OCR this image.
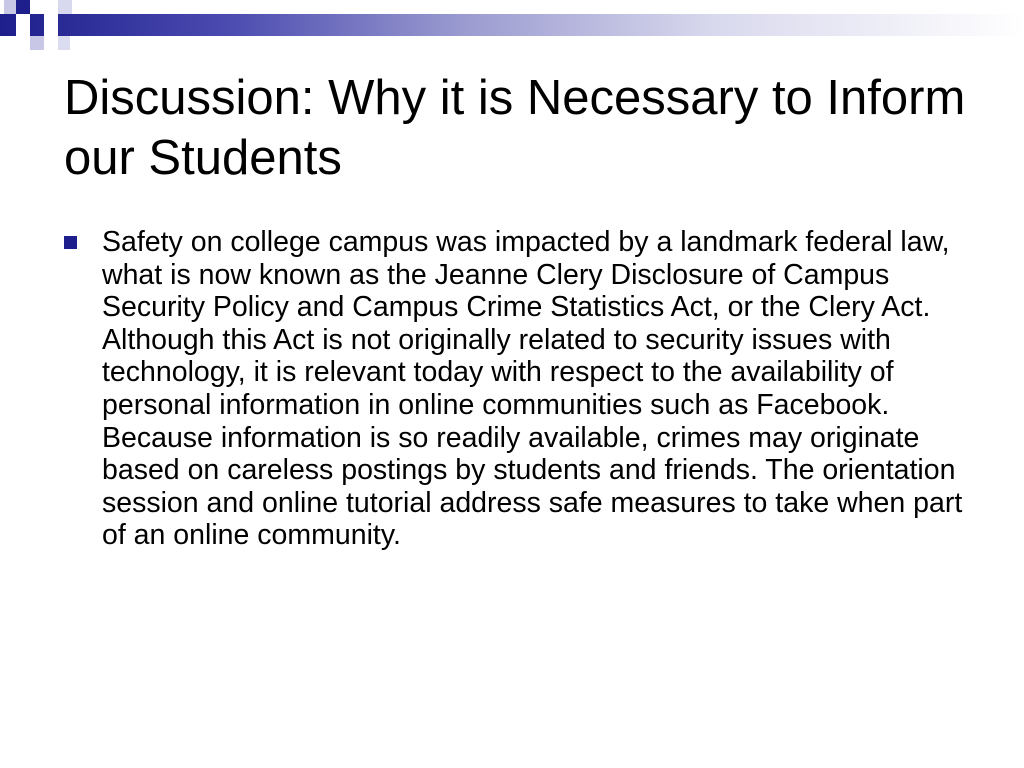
Discussion: Why it is Necessary to Inform our Students
Safety on college campus was impacted by a landmark federal law, what is now known as the Jeanne Clery Disclosure of Campus Security Policy and Campus Crime Statistics Act, or the Clery Act. Although this Act is not originally related to security issues with technology, it is relevant today with respect to the availability of personal information in online communities such as Facebook. Because information is so readily available, crimes may originate based on careless postings by students and friends. The orientation session and online tutorial address safe measures to take when part of an online community.
